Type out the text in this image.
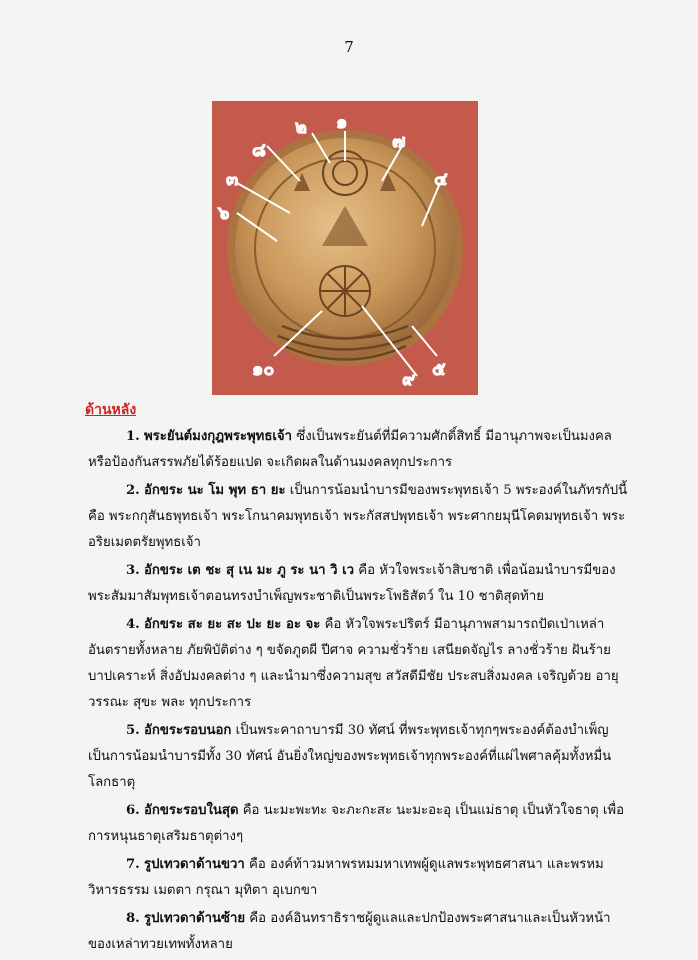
7
๑
๒
๘
๓
๖
๗
๔
๕
๙
๑๐
ด้านหลัง

1. พระยันต์มงกุฎพระพุทธเจ้า ซึ่งเป็นพระยันต์ที่มีความศักดิ์สิทธิ์ มีอานุภาพจะเป็นมงคลหรือป้องกันสรรพภัยได้ร้อยแปด จะเกิดผลในด้านมงคลทุกประการ

2. อักขระ นะ โม พุท ธา ยะ เป็นการน้อมนำบารมีของพระพุทธเจ้า 5 พระองค์ในภัทรกัปนี้ คือ พระกกุสันธพุทธเจ้า พระโกนาคมพุทธเจ้า พระกัสสปพุทธเจ้า พระศากยมุนีโคดมพุทธเจ้า พระอริยเมตตรัยพุทธเจ้า

3. อักขระ เต ชะ สุ เน มะ ภู ระ นา วิ เว คือ หัวใจพระเจ้าสิบชาติ เพื่อน้อมนำบารมีของพระสัมมาสัมพุทธเจ้าตอนทรงบำเพ็ญพระชาติเป็นพระโพธิสัตว์ ใน 10 ชาติสุดท้าย

4. อักขระ สะ ยะ สะ ปะ ยะ อะ จะ คือ หัวใจพระปริตร์ มีอานุภาพสามารถปัดเป่าเหล่าอันตรายทั้งหลาย ภัยพิบัติต่าง ๆ ขจัดภูตผี ปีศาจ ความชั่วร้าย เสนียดจัญไร ลางชั่วร้าย ฝันร้าย บาปเคราะห์ สิ่งอัปมงคลต่าง ๆ และนำมาซึ่งความสุข สวัสดีมีชัย ประสบสิ่งมงคล เจริญด้วย อายุ วรรณะ สุขะ พละ ทุกประการ

5. อักขระรอบนอก เป็นพระคาถาบารมี 30 ทัศน์ ที่พระพุทธเจ้าทุกๆพระองค์ต้องบำเพ็ญ เป็นการน้อมนำบารมีทั้ง 30 ทัศน์ อันยิ่งใหญ่ของพระพุทธเจ้าทุกพระองค์ที่แผ่ไพศาลคุ้มทั้งหมื่นโลกธาตุ

6. อักขระรอบในสุด คือ นะมะพะทะ จะภะกะสะ นะมะอะอุ เป็นแม่ธาตุ เป็นหัวใจธาตุ เพื่อการหนุนธาตุเสริมธาตุต่างๆ

7. รูปเทวดาด้านขวา คือ องค์ท้าวมหาพรหมมหาเทพผู้ดูแลพระพุทธศาสนา และพรหมวิหารธรรม เมตตา กรุณา มุทิตา อุเบกขา

8. รูปเทวดาด้านซ้าย คือ องค์อินทราธิราชผู้ดูแลและปกป้องพระศาสนาและเป็นหัวหน้าของเหล่าทวยเทพทั้งหลาย
